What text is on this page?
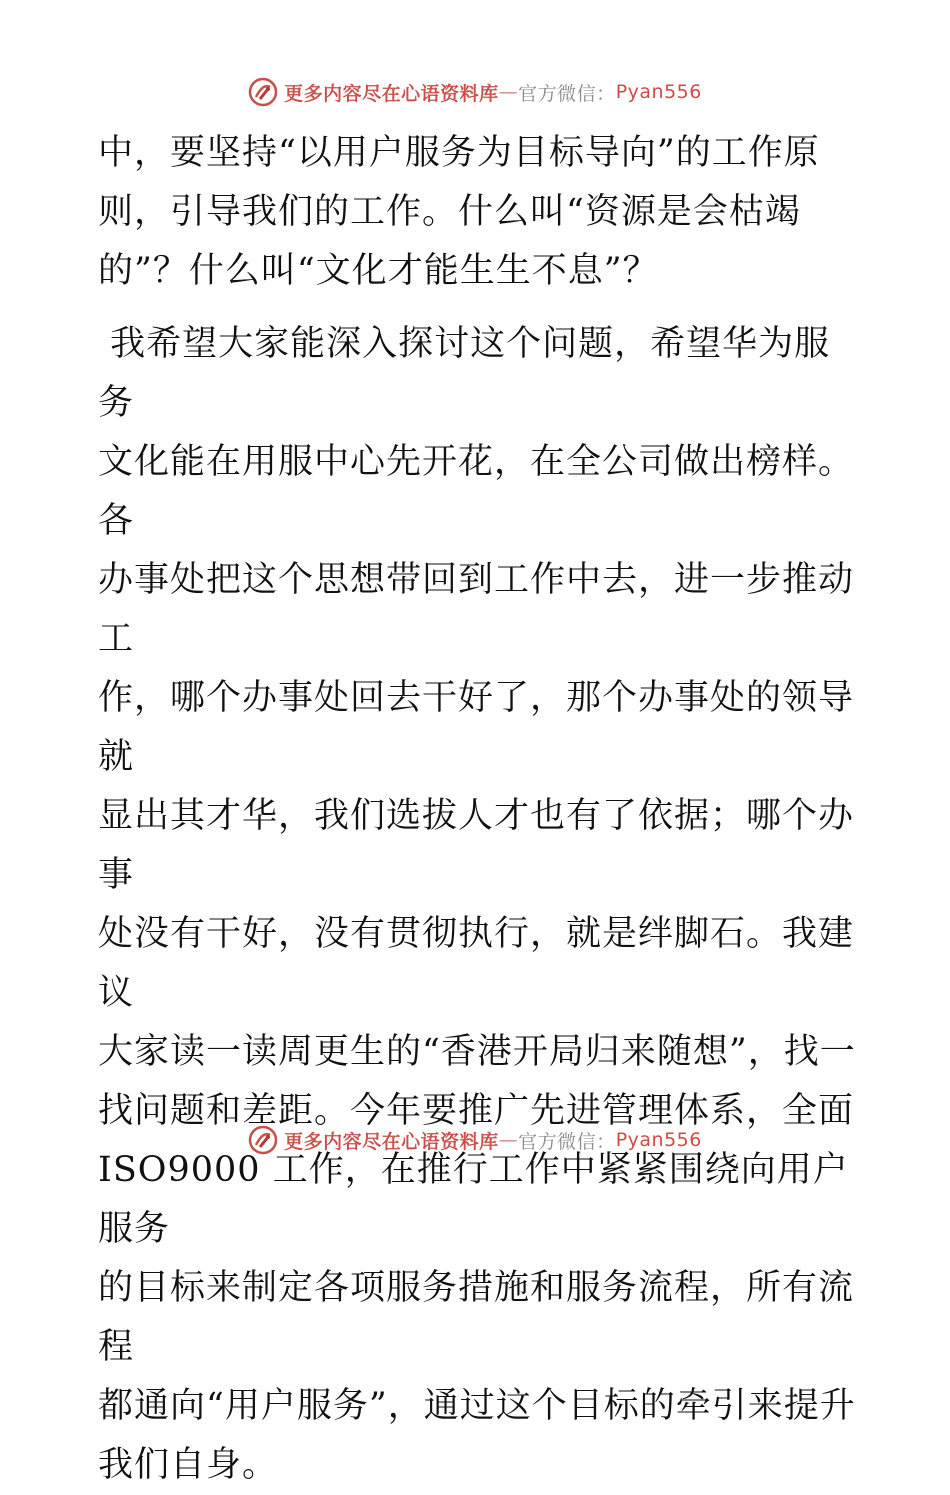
更多内容尽在心语资料库 — 官方微信： Pyan556

中，要坚持“以用户服务为目标导向”的工作原
则，引导我们的工作。什么叫“资源是会枯竭
的”？什么叫“文化才能生生不息”？

我希望大家能深入探讨这个问题，希望华为服务
文化能在用服中心先开花，在全公司做出榜样。各
办事处把这个思想带回到工作中去，进一步推动工
作，哪个办事处回去干好了，那个办事处的领导就
显出其才华，我们选拔人才也有了依据；哪个办事
处没有干好，没有贯彻执行，就是绊脚石。我建议
大家读一读周更生的“香港开局归来随想”，找一
找问题和差距。今年要推广先进管理体系，全面
ISO9000 工作，在推行工作中紧紧围绕向用户服务
的目标来制定各项服务措施和服务流程，所有流程
都通向“用户服务”，通过这个目标的牵引来提升
我们自身。

更多内容尽在心语资料库 — 官方微信： Pyan556
